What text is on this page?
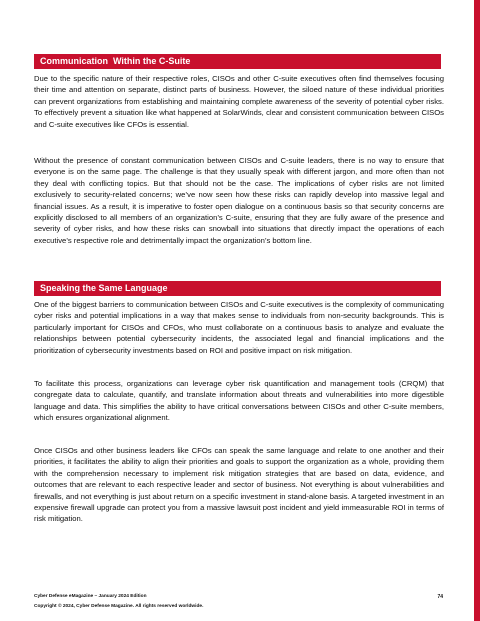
Communication  Within the C-Suite

Due to the specific nature of their respective roles, CISOs and other C-suite executives often find themselves focusing their time and attention on separate, distinct parts of business. However, the siloed nature of these individual priorities can prevent organizations from establishing and maintaining complete awareness of the severity of potential cyber risks. To effectively prevent a situation like what happened at SolarWinds, clear and consistent communication between CISOs and C-suite executives like CFOs is essential.

Without the presence of constant communication between CISOs and C-suite leaders, there is no way to ensure that everyone is on the same page. The challenge is that they usually speak with different jargon, and more often than not they deal with conflicting topics. But that should not be the case. The implications of cyber risks are not limited exclusively to security-related concerns; we’ve now seen how these risks can rapidly develop into massive legal and financial issues. As a result, it is imperative to foster open dialogue on a continuous basis so that security concerns are explicitly disclosed to all members of an organization’s C-suite, ensuring that they are fully aware of the presence and severity of cyber risks, and how these risks can snowball into situations that directly impact the operations of each executive’s respective role and detrimentally impact the organization’s bottom line.

Speaking the Same Language

One of the biggest barriers to communication between CISOs and C-suite executives is the complexity of communicating cyber risks and potential implications in a way that makes sense to individuals from non-security backgrounds. This is particularly important for CISOs and CFOs, who must collaborate on a continuous basis to analyze and evaluate the relationships between potential cybersecurity incidents, the associated legal and financial implications and the prioritization of cybersecurity investments based on ROI and positive impact on risk mitigation.

To facilitate this process, organizations can leverage cyber risk quantification and management tools (CRQM) that congregate data to calculate, quantify, and translate information about threats and vulnerabilities into more digestible language and data. This simplifies the ability to have critical conversations between CISOs and other C-suite members, which ensures organizational alignment.

Once CISOs and other business leaders like CFOs can speak the same language and relate to one another and their priorities, it facilitates the ability to align their priorities and goals to support the organization as a whole, providing them with the comprehension necessary to implement risk mitigation strategies that are based on data, evidence, and outcomes that are relevant to each respective leader and sector of business. Not everything is about vulnerabilities and firewalls, and not everything is just about return on a specific investment in stand-alone basis. A targeted investment in an expensive firewall upgrade can protect you from a massive lawsuit post incident and yield immeasurable ROI in terms of risk mitigation.

Cyber Defense eMagazine – January 2024 Edition	74

Copyright © 2024, Cyber Defense Magazine. All rights reserved worldwide.
